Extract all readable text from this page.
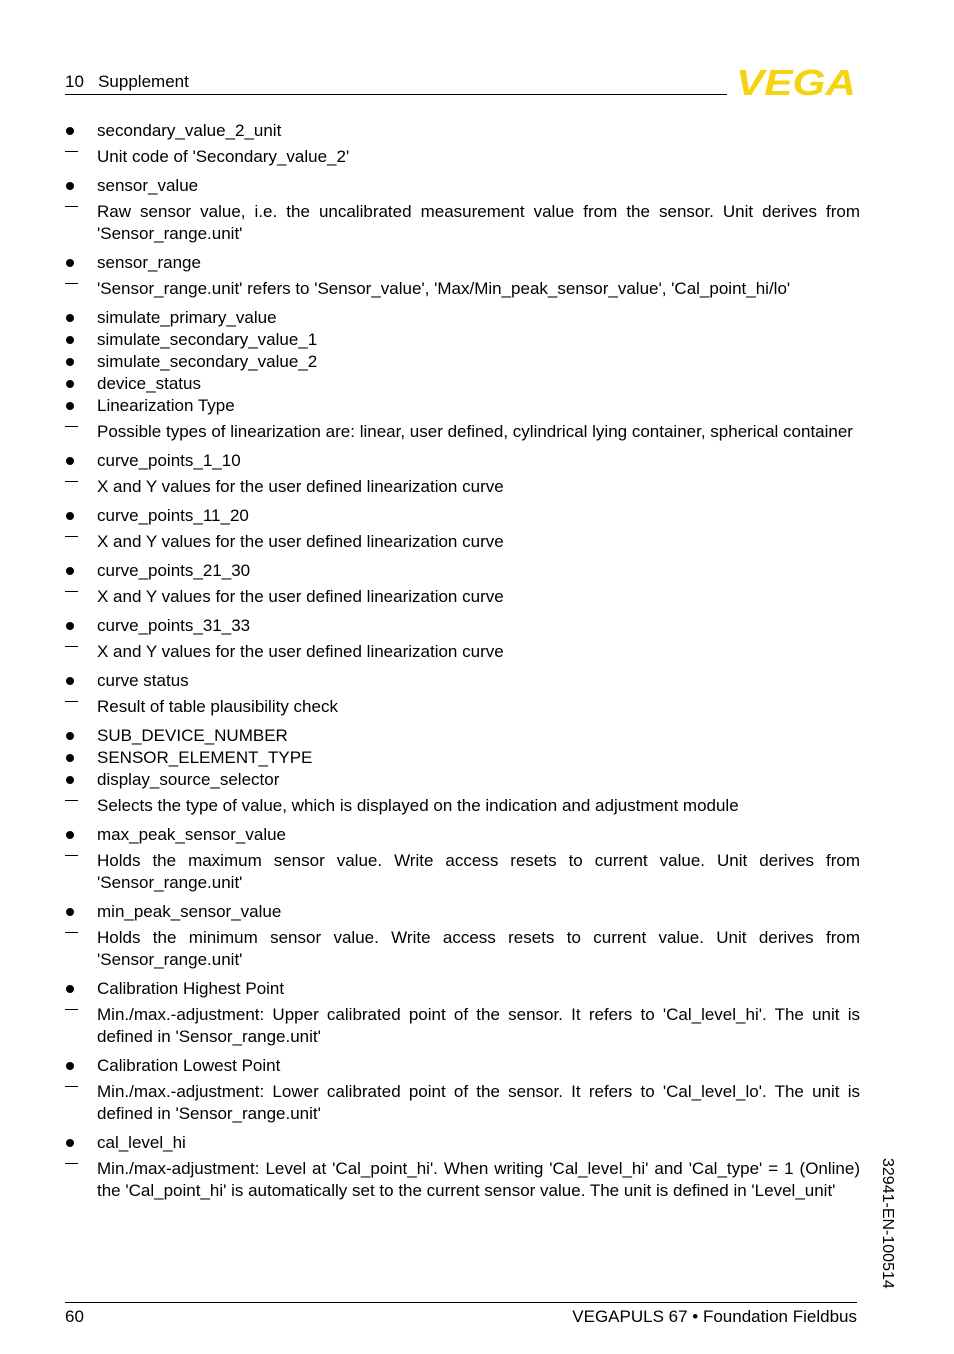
10 Supplement	VEGA
secondary_value_2_unit
Unit code of 'Secondary_value_2'
sensor_value
Raw sensor value, i.e. the uncalibrated measurement value from the sensor. Unit derives from 'Sensor_range.unit'
sensor_range
'Sensor_range.unit' refers to 'Sensor_value', 'Max/Min_peak_sensor_value', 'Cal_point_hi/lo'
simulate_primary_value
simulate_secondary_value_1
simulate_secondary_value_2
device_status
Linearization Type
Possible types of linearization are: linear, user defined, cylindrical lying container, spherical container
curve_points_1_10
X and Y values for the user defined linearization curve
curve_points_11_20
X and Y values for the user defined linearization curve
curve_points_21_30
X and Y values for the user defined linearization curve
curve_points_31_33
X and Y values for the user defined linearization curve
curve status
Result of table plausibility check
SUB_DEVICE_NUMBER
SENSOR_ELEMENT_TYPE
display_source_selector
Selects the type of value, which is displayed on the indication and adjustment module
max_peak_sensor_value
Holds the maximum sensor value. Write access resets to current value. Unit derives from 'Sensor_range.unit'
min_peak_sensor_value
Holds the minimum sensor value. Write access resets to current value. Unit derives from 'Sensor_range.unit'
Calibration Highest Point
Min./max.-adjustment: Upper calibrated point of the sensor. It refers to 'Cal_level_hi'. The unit is defined in 'Sensor_range.unit'
Calibration Lowest Point
Min./max.-adjustment: Lower calibrated point of the sensor. It refers to 'Cal_level_lo'. The unit is defined in 'Sensor_range.unit'
cal_level_hi
Min./max-adjustment: Level at 'Cal_point_hi'. When writing 'Cal_level_hi' and 'Cal_type' = 1 (Online) the 'Cal_point_hi' is automatically set to the current sensor value. The unit is defined in 'Level_unit'	32941-EN-100514
60	VEGAPULS 67 • Foundation Fieldbus
